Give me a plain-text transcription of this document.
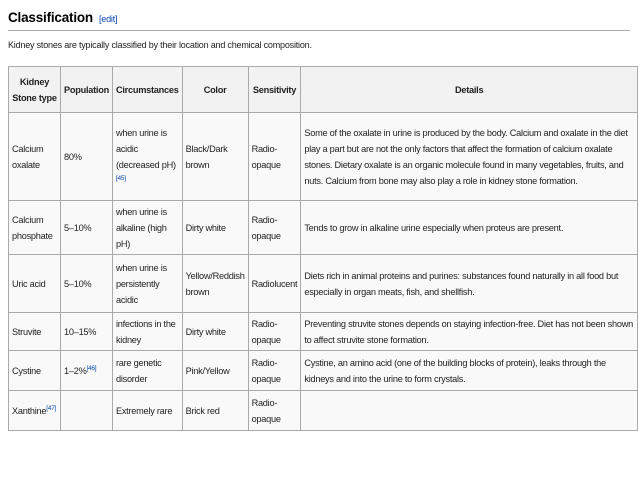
Classification [edit]
Kidney stones are typically classified by their location and chemical composition.
Kidney Stone type	Population	Circumstances	Color	Sensitivity	Details
Calcium oxalate	80%	when urine is acidic (decreased pH)[45]	Black/Dark brown	Radio-opaque	Some of the oxalate in urine is produced by the body. Calcium and oxalate in the diet play a part but are not the only factors that affect the formation of calcium oxalate stones. Dietary oxalate is an organic molecule found in many vegetables, fruits, and nuts. Calcium from bone may also play a role in kidney stone formation.
Calcium phosphate	5–10%	when urine is alkaline (high pH)	Dirty white	Radio-opaque	Tends to grow in alkaline urine especially when proteus are present.
Uric acid	5–10%	when urine is persistently acidic	Yellow/Reddish brown	Radiolucent	Diets rich in animal proteins and purines: substances found naturally in all food but especially in organ meats, fish, and shellfish.
Struvite	10–15%	infections in the kidney	Dirty white	Radio-opaque	Preventing struvite stones depends on staying infection-free. Diet has not been shown to affect struvite stone formation.
Cystine	1–2%[46]	rare genetic disorder	Pink/Yellow	Radio-opaque	Cystine, an amino acid (one of the building blocks of protein), leaks through the kidneys and into the urine to form crystals.
Xanthine[47]		Extremely rare	Brick red	Radio-opaque	
